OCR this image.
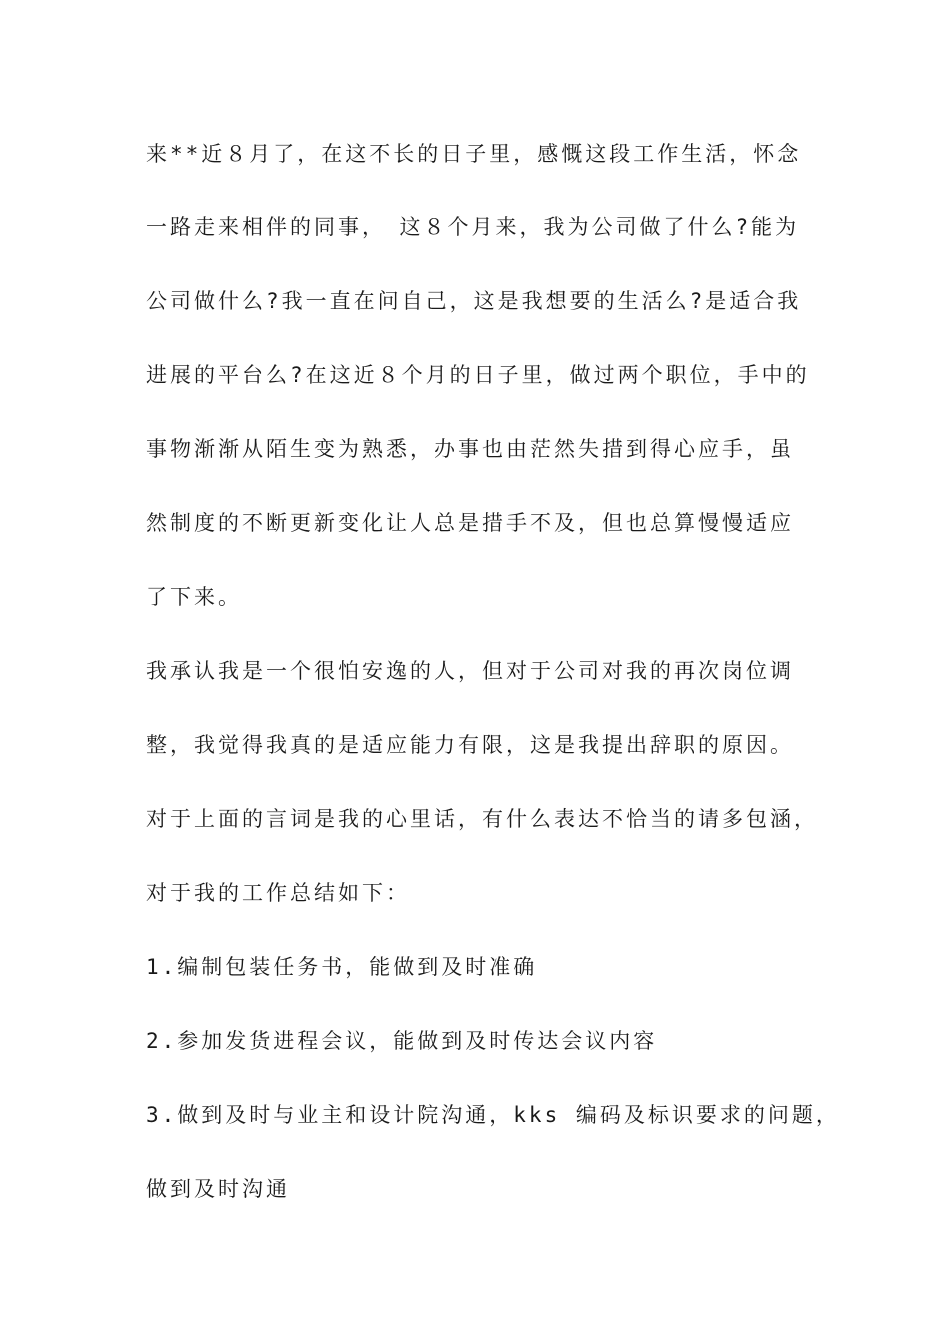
来**近８月了，在这不长的日子里，感慨这段工作生活，怀念
一路走来相伴的同事，　这８个月来，我为公司做了什么?能为
公司做什么?我一直在问自己，这是我想要的生活么?是适合我
进展的平台么?在这近８个月的日子里，做过两个职位，手中的
事物渐渐从陌生变为熟悉，办事也由茫然失措到得心应手，虽
然制度的不断更新变化让人总是措手不及，但也总算慢慢适应
了下来。
我承认我是一个很怕安逸的人，但对于公司对我的再次岗位调
整，我觉得我真的是适应能力有限，这是我提出辞职的原因。
对于上面的言词是我的心里话，有什么表达不恰当的请多包涵，
对于我的工作总结如下：
1.编制包装任务书，能做到及时准确
2.参加发货进程会议，能做到及时传达会议内容
3.做到及时与业主和设计院沟通，kks 编码及标识要求的问题，
做到及时沟通
